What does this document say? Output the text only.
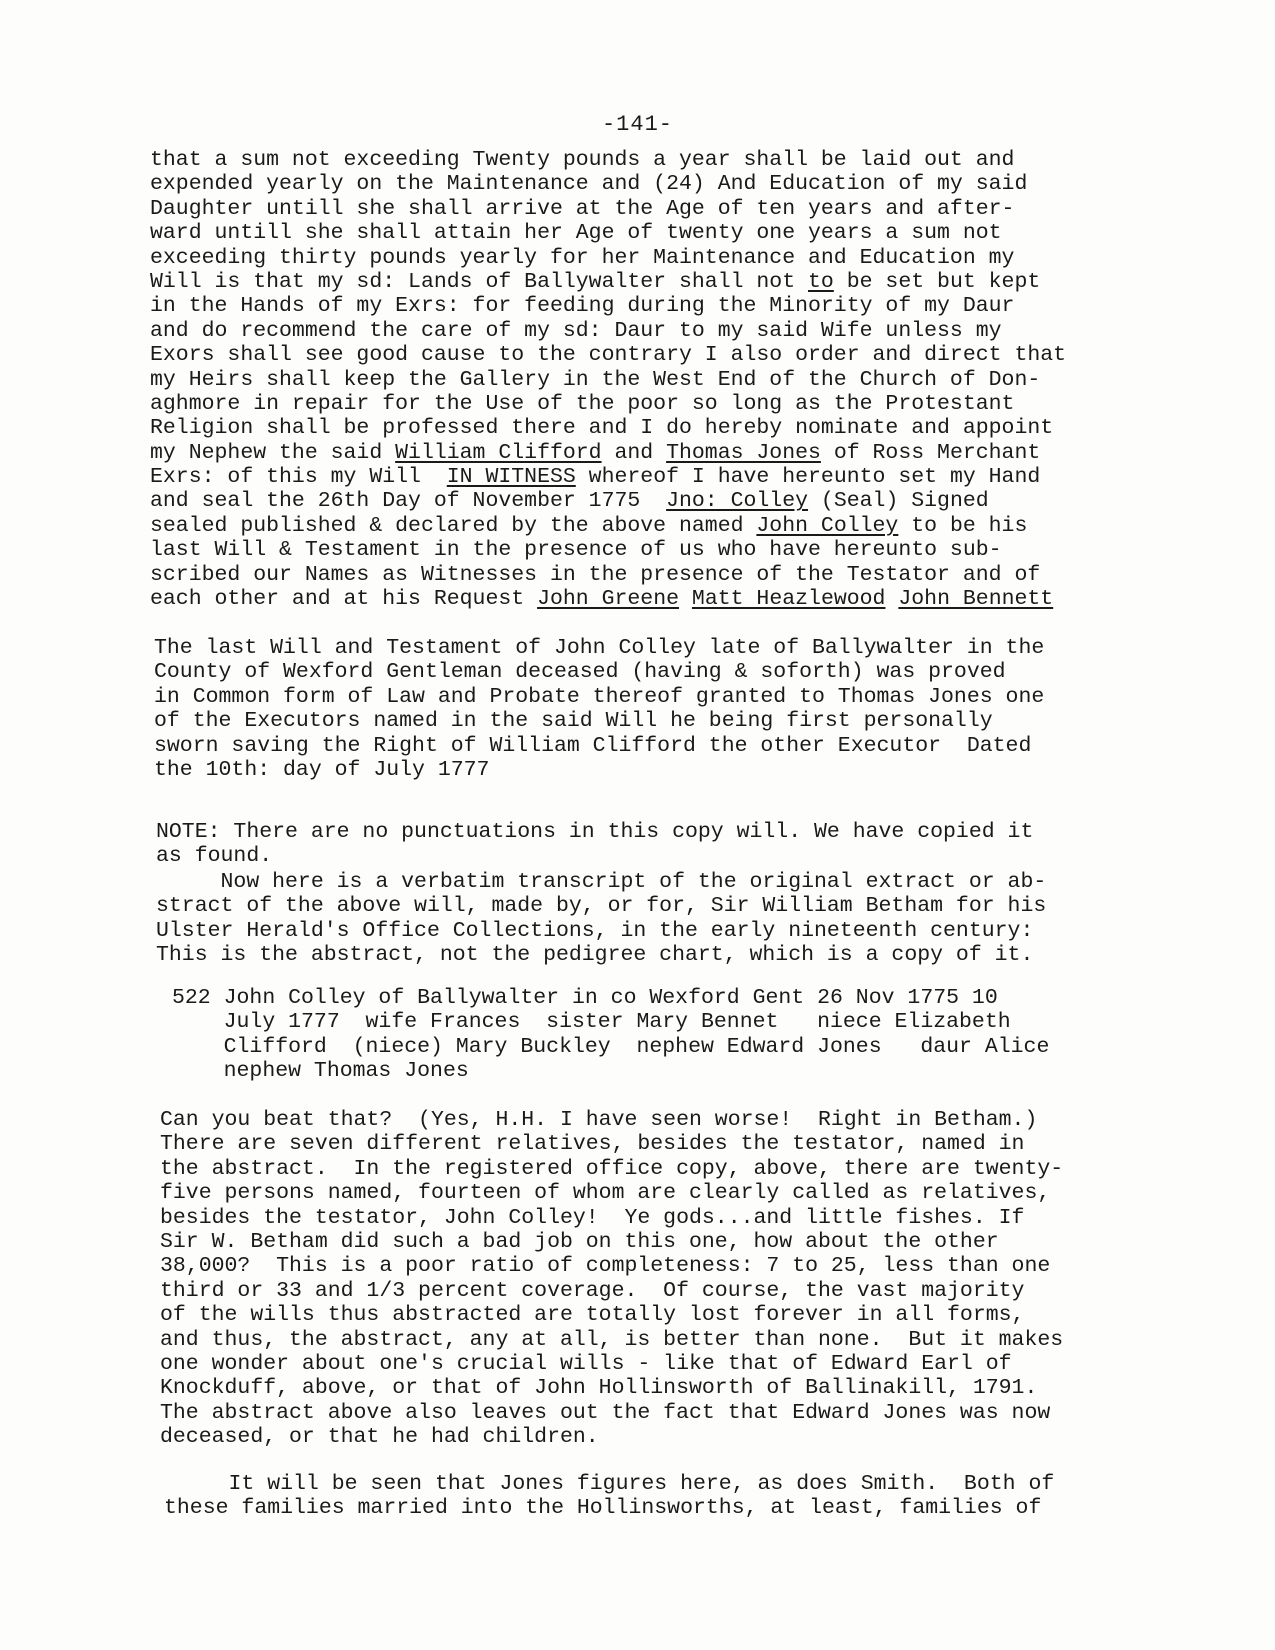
-141-
that a sum not exceeding Twenty pounds a year shall be laid out and
expended yearly on the Maintenance and (24) And Education of my said
Daughter untill she shall arrive at the Age of ten years and after-
ward untill she shall attain her Age of twenty one years a sum not
exceeding thirty pounds yearly for her Maintenance and Education my
Will is that my sd: Lands of Ballywalter shall not to be set but kept
in the Hands of my Exrs: for feeding during the Minority of my Daur
and do recommend the care of my sd: Daur to my said Wife unless my
Exors shall see good cause to the contrary I also order and direct that
my Heirs shall keep the Gallery in the West End of the Church of Don-
aghmore in repair for the Use of the poor so long as the Protestant
Religion shall be professed there and I do hereby nominate and appoint
my Nephew the said William Clifford and Thomas Jones of Ross Merchant
Exrs: of this my Will  IN WITNESS whereof I have hereunto set my Hand
and seal the 26th Day of November 1775  Jno: Colley (Seal) Signed
sealed published & declared by the above named John Colley to be his
last Will & Testament in the presence of us who have hereunto sub-
scribed our Names as Witnesses in the presence of the Testator and of
each other and at his Request John Greene Matt Heazlewood John Bennett
The last Will and Testament of John Colley late of Ballywalter in the
County of Wexford Gentleman deceased (having & soforth) was proved
in Common form of Law and Probate thereof granted to Thomas Jones one
of the Executors named in the said Will he being first personally
sworn saving the Right of William Clifford the other Executor  Dated
the 10th: day of July 1777
NOTE: There are no punctuations in this copy will. We have copied it
as found.
Now here is a verbatim transcript of the original extract or ab-
stract of the above will, made by, or for, Sir William Betham for his
Ulster Herald's Office Collections, in the early nineteenth century:
This is the abstract, not the pedigree chart, which is a copy of it.
522 John Colley of Ballywalter in co Wexford Gent 26 Nov 1775 10
July 1777  wife Frances  sister Mary Bennet   niece Elizabeth
Clifford  (niece) Mary Buckley  nephew Edward Jones   daur Alice
nephew Thomas Jones
Can you beat that?  (Yes, H.H. I have seen worse!  Right in Betham.)
There are seven different relatives, besides the testator, named in
the abstract.  In the registered office copy, above, there are twenty-
five persons named, fourteen of whom are clearly called as relatives,
besides the testator, John Colley!  Ye gods...and little fishes. If
Sir W. Betham did such a bad job on this one, how about the other
38,000?  This is a poor ratio of completeness: 7 to 25, less than one
third or 33 and 1/3 percent coverage.  Of course, the vast majority
of the wills thus abstracted are totally lost forever in all forms,
and thus, the abstract, any at all, is better than none.  But it makes
one wonder about one's crucial wills - like that of Edward Earl of
Knockduff, above, or that of John Hollinsworth of Ballinakill, 1791.
The abstract above also leaves out the fact that Edward Jones was now
deceased, or that he had children.
It will be seen that Jones figures here, as does Smith.  Both of
these families married into the Hollinsworths, at least, families of
